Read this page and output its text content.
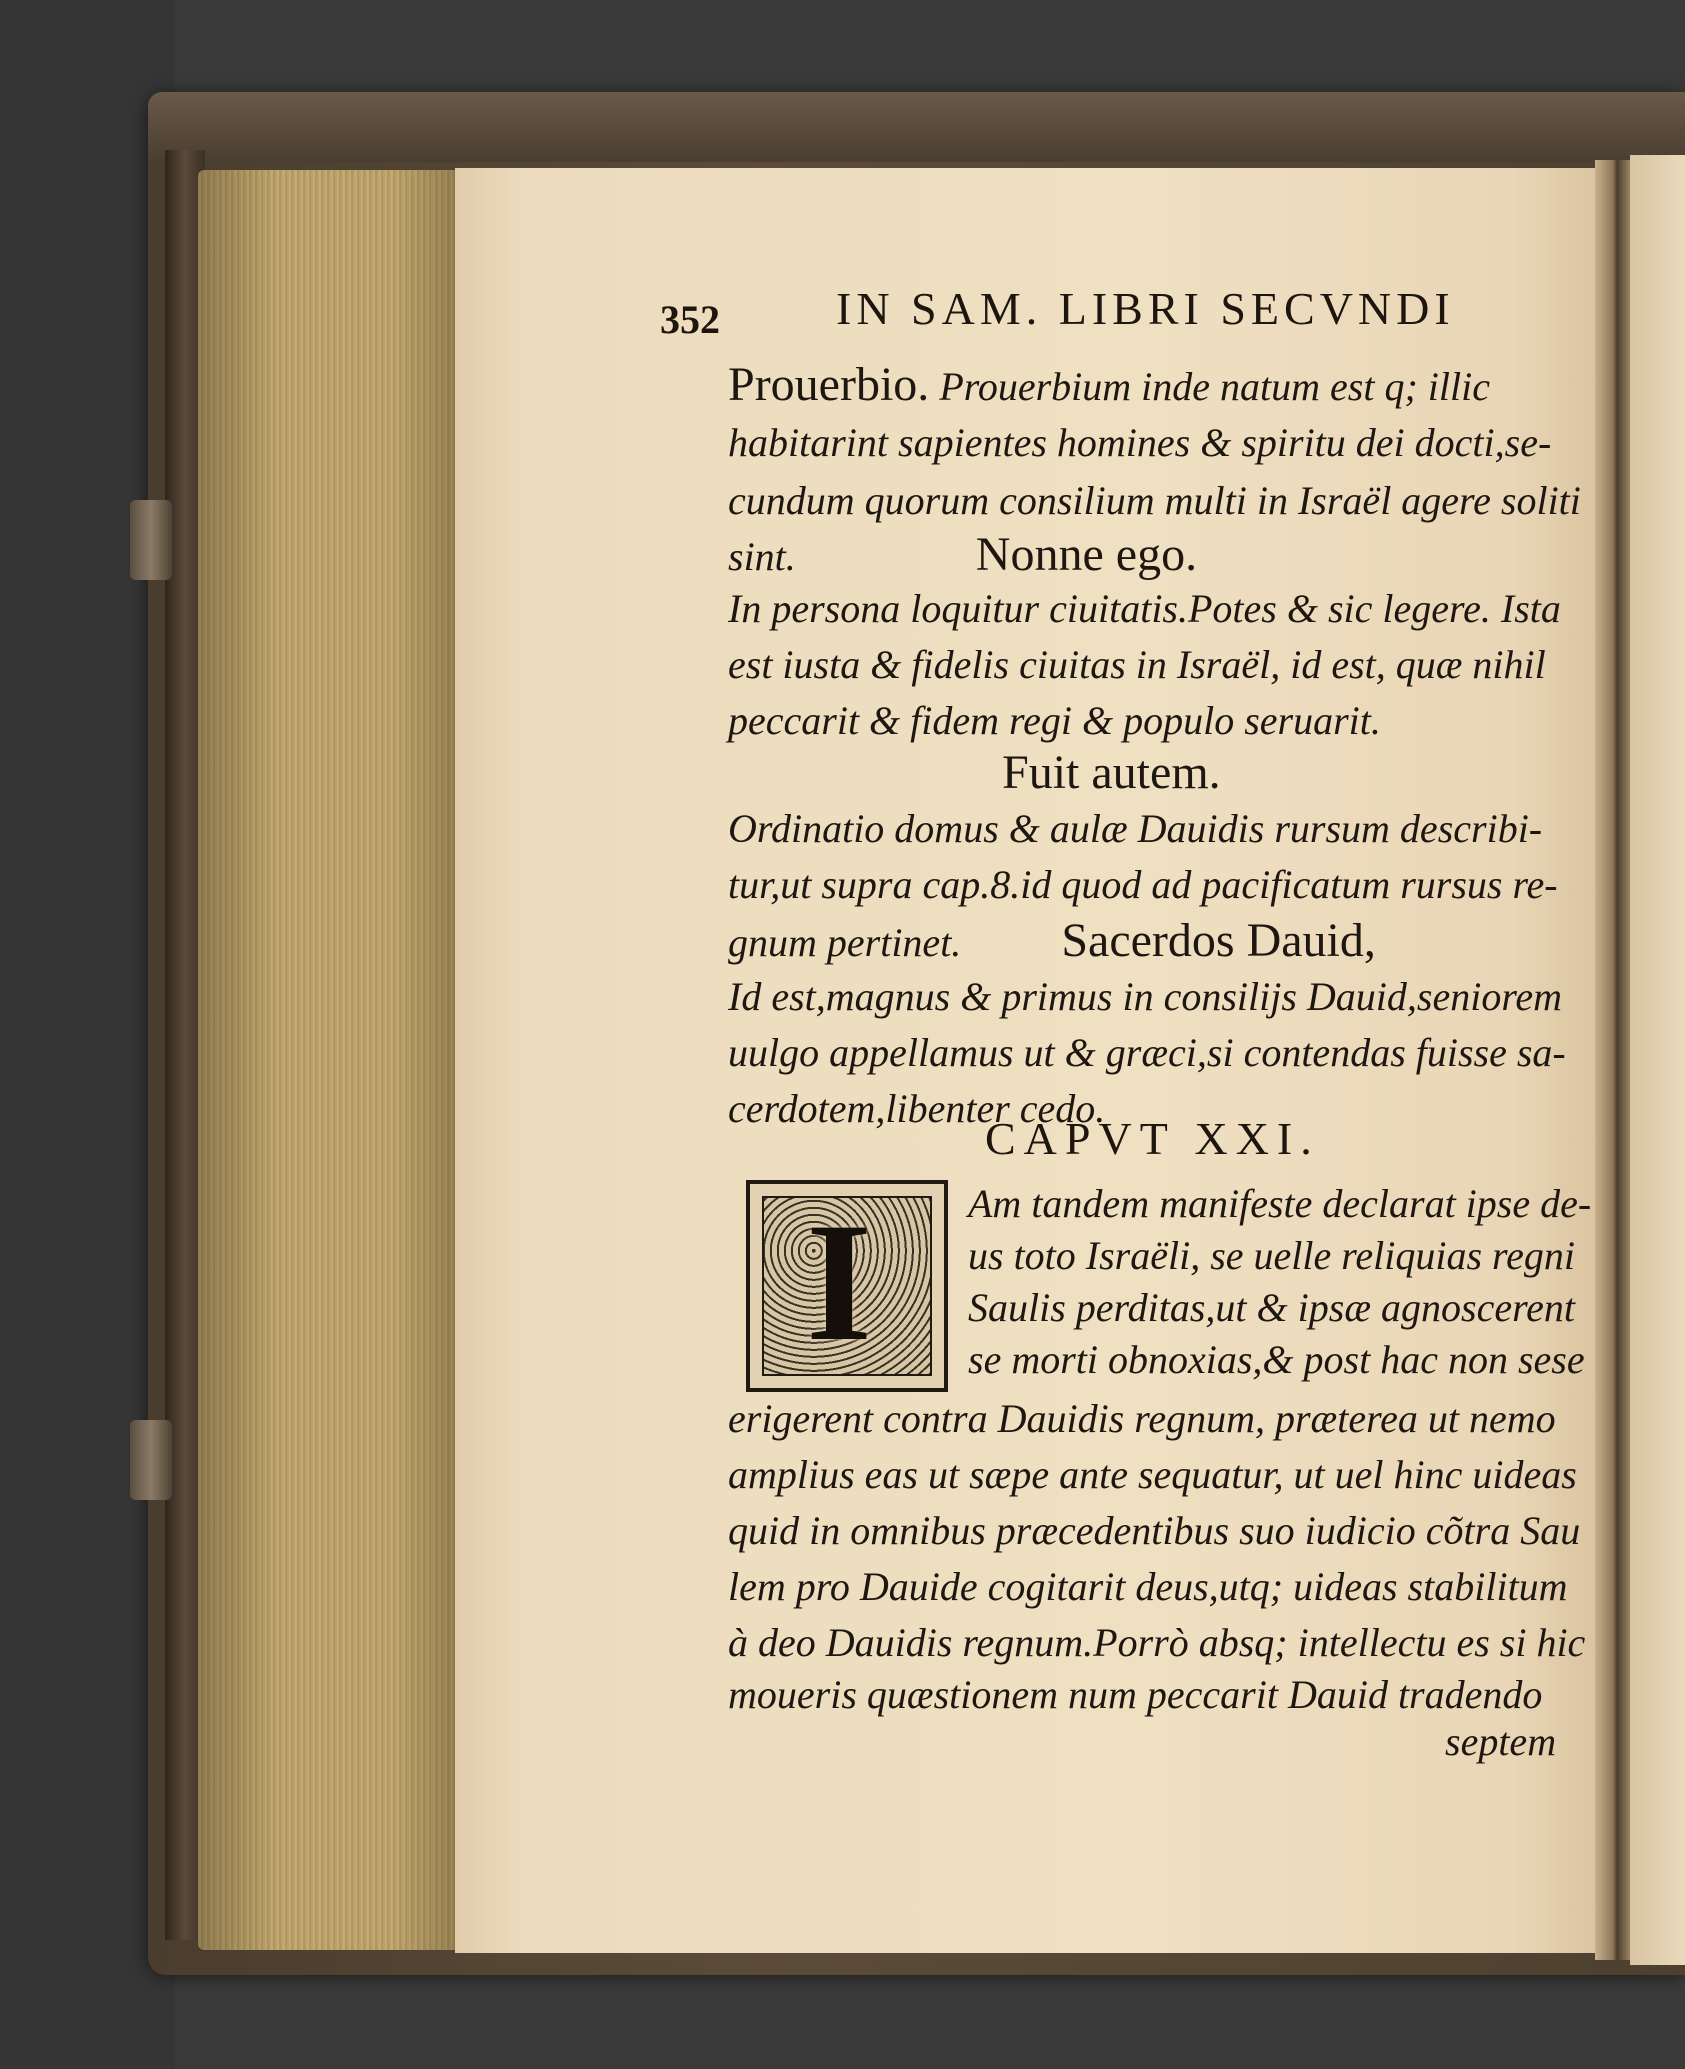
352	IN SAM. LIBRI SECVNDI
Prouerbio. Prouerbium inde natum est q; illic
habitarint sapientes homines & spiritu dei docti,se-
cundum quorum consilium multi in Israël agere soliti
sint.	Nonne ego.
In persona loquitur ciuitatis.Potes & sic legere. Ista
est iusta & fidelis ciuitas in Israël, id est, quæ nihil
peccarit & fidem regi & populo seruarit.
Fuit autem.
Ordinatio domus & aulæ Dauidis rursum describi-
tur,ut supra cap.8.id quod ad pacificatum rursus re-
gnum pertinet. Sacerdos Dauid,
Id est,magnus & primus in consilijs Dauid,seniorem
uulgo appellamus ut & græci,si contendas fuisse sa-
cerdotem,libenter cedo.
CAPVT XXI.
I Am tandem manifeste declarat ipse de-
us toto Israëli, se uelle reliquias regni
Saulis perditas,ut & ipsæ agnoscerent
se morti obnoxias,& post hac non sese
erigerent contra Dauidis regnum, præterea ut nemo
amplius eas ut sæpe ante sequatur, ut uel hinc uideas
quid in omnibus præcedentibus suo iudicio cõtra Sau
lem pro Dauide cogitarit deus,utq; uideas stabilitum
à deo Dauidis regnum.Porrò absq; intellectu es si hic
moueris quæstionem num peccarit Dauid tradendo
septem
